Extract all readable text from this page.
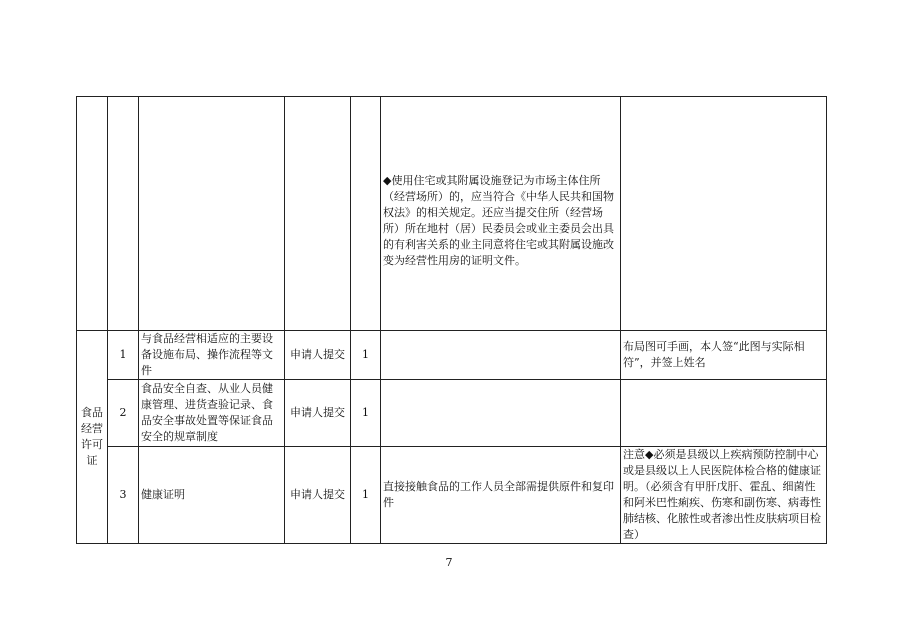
					◆使用住宅或其附属设施登记为市场主体住所（经营场所）的，应当符合《中华人民共和国物权法》的相关规定。还应当提交住所（经营场所）所在地村（居）民委员会或业主委员会出具的有利害关系的业主同意将住宅或其附属设施改变为经营性用房的证明文件。	

食品经营许可证	1	与食品经营相适应的主要设备设施布局、操作流程等文件	申请人提交	1		布局图可手画，本人签“此图与实际相符”，并签上姓名
	2	食品安全自查、从业人员健康管理、进货查验记录、食品安全事故处置等保证食品安全的规章制度	申请人提交	1		
	3	健康证明	申请人提交	1	直接接触食品的工作人员全部需提供原件和复印件	注意◆必须是县级以上疾病预防控制中心或是县级以上人民医院体检合格的健康证明。（必须含有甲肝戊肝、霍乱、细菌性和阿米巴性痢疾、伤寒和副伤寒、病毒性肺结核、化脓性或者渗出性皮肤病项目检查）
7
